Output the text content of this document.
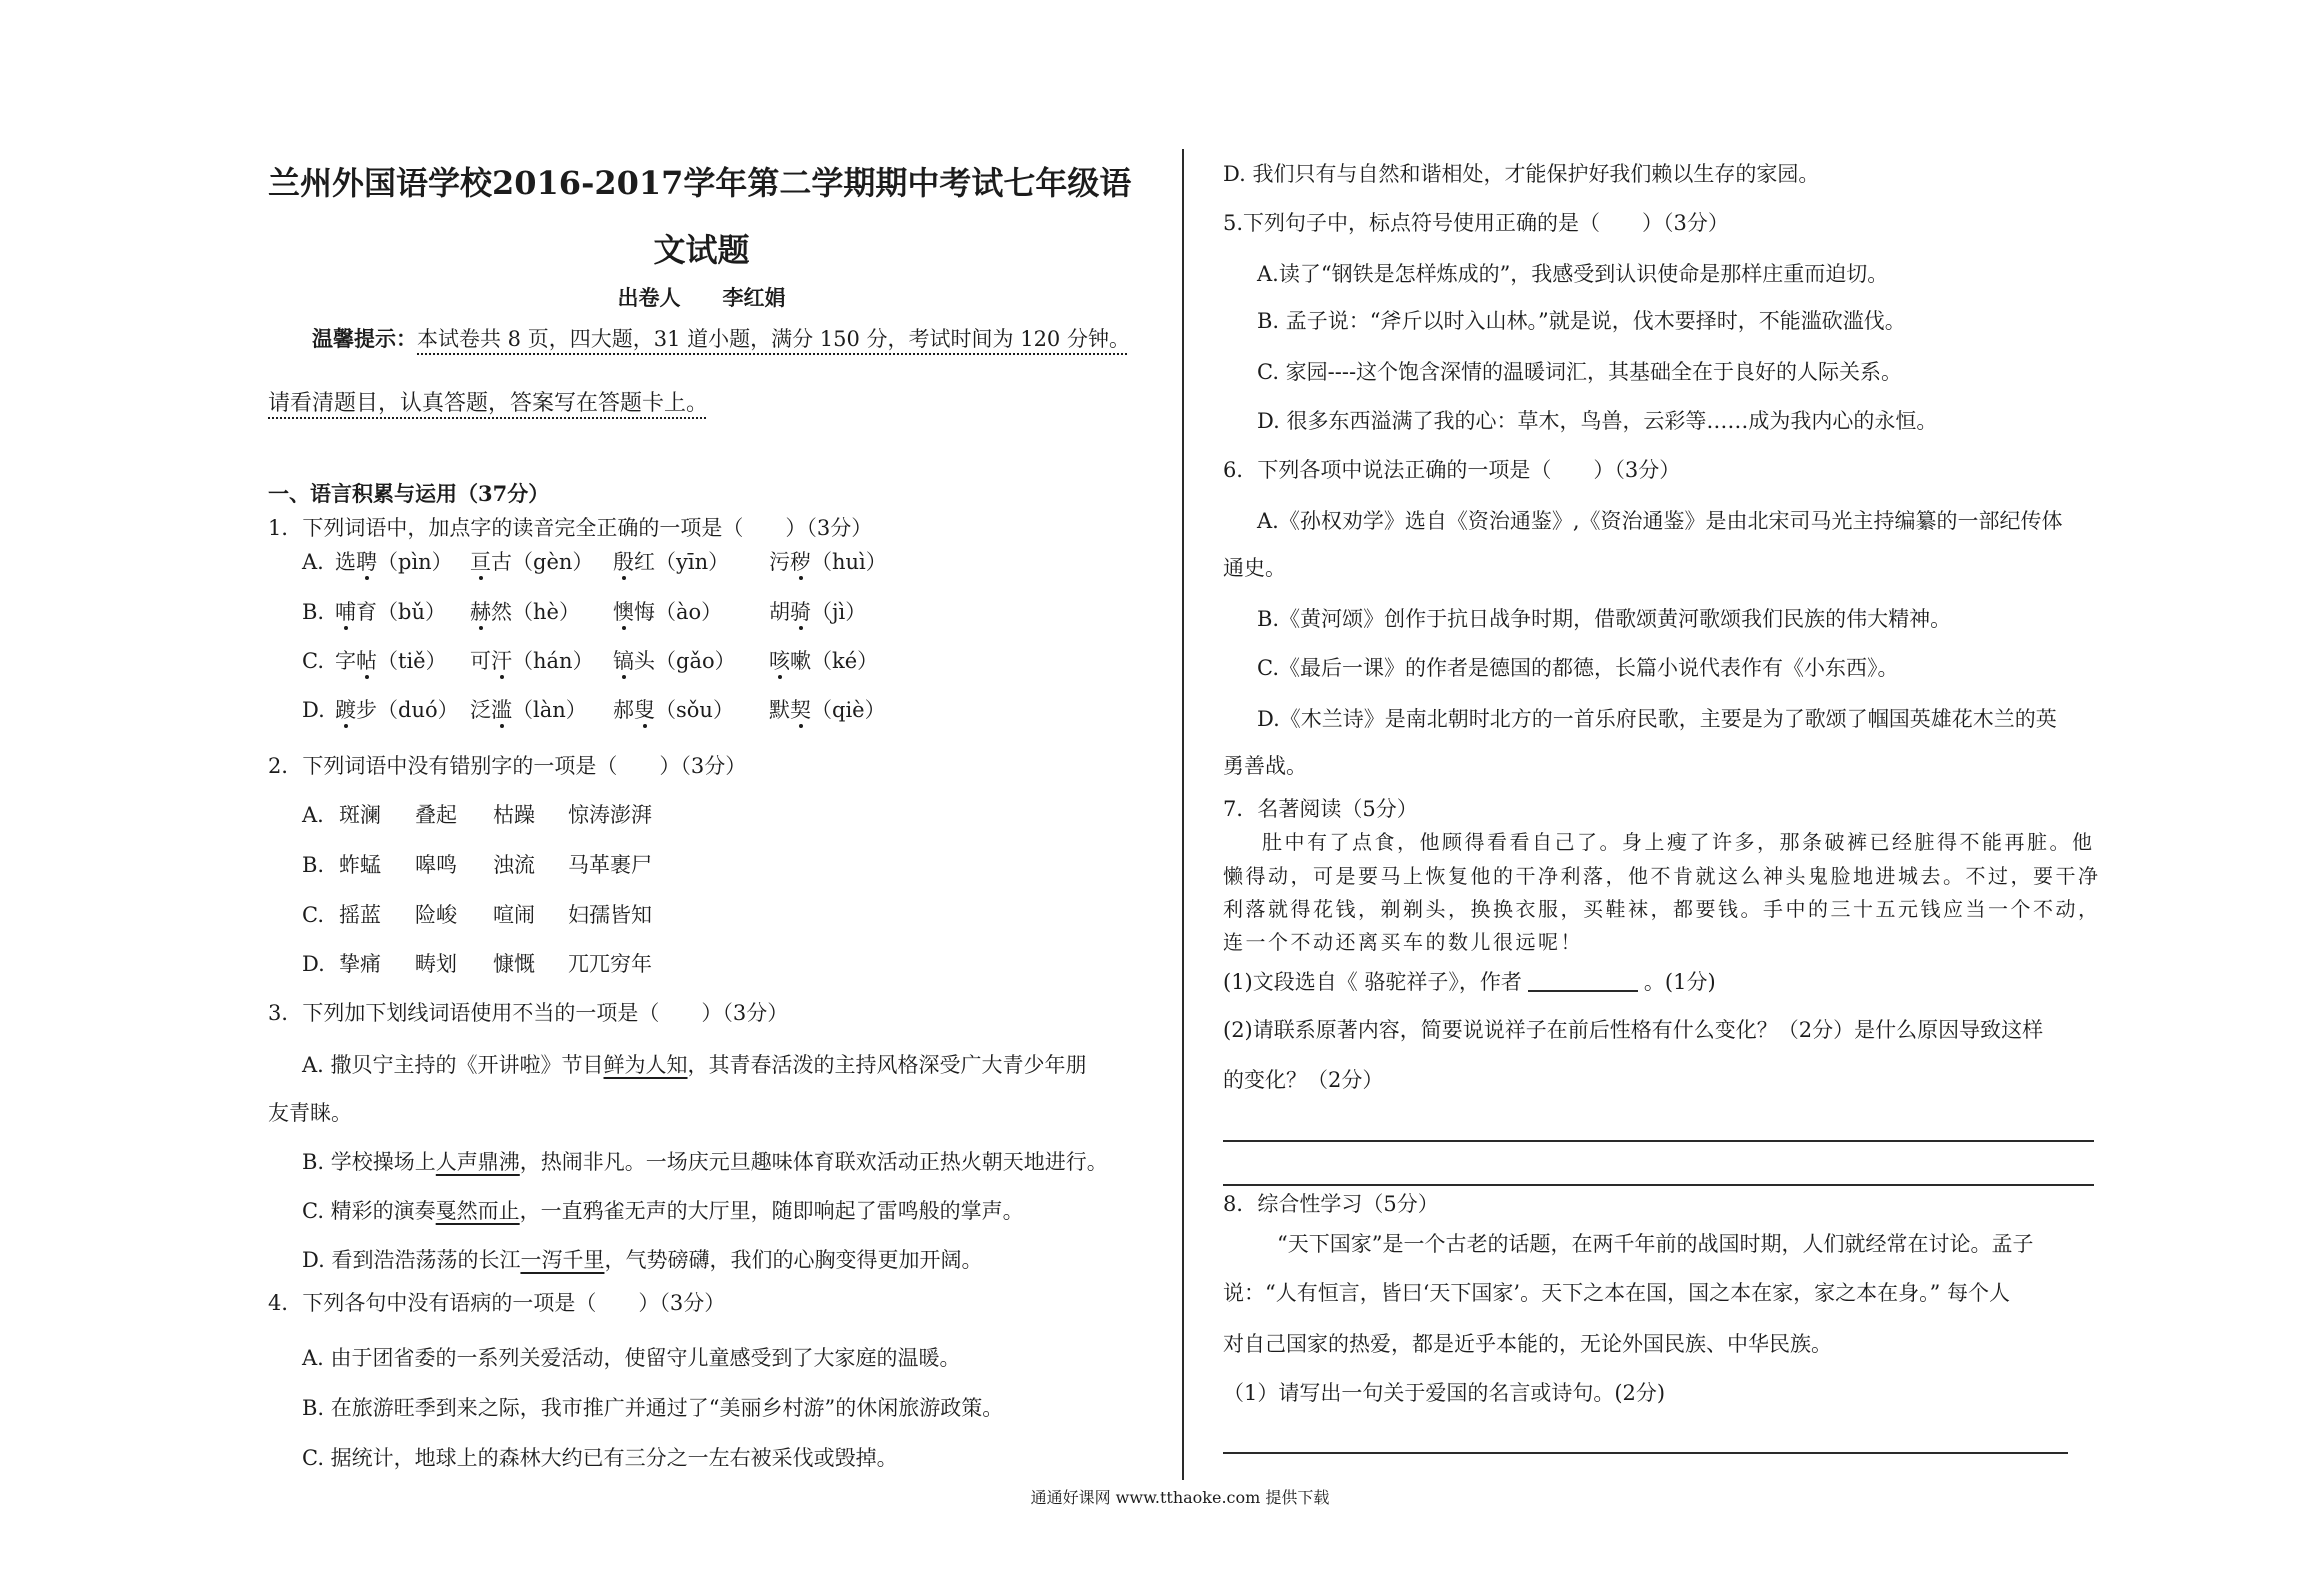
兰州外国语学校2016-2017学年第二学期期中考试七年级语
文试题
出卷人　　李红娟
温馨提示：本试卷共 8 页，四大题，31 道小题，满分 150 分，考试时间为 120 分钟。
请看清题目，认真答题，答案写在答题卡上。
一、语言积累与运用（37分）
1．下列词语中，加点字的读音完全正确的一项是（　　）（3分）
A. 选聘（pìn） 亘古（gèn） 殷红（yīn） 污秽（huì）
B. 哺育（bǔ） 赫然（hè） 懊悔（ào） 胡骑（jì）
C. 字帖（tiě） 可汗（hán） 镐头（gǎo） 咳嗽（ké）
D. 踱步（duó） 泛滥（làn） 郝叟（sǒu） 默契（qiè）
2．下列词语中没有错别字的一项是（　　）（3分）
A. 斑澜 叠起 枯躁 惊涛澎湃
B. 蚱蜢 嗥鸣 浊流 马革裹尸
C. 摇蓝 险峻 喧闹 妇孺皆知
D. 挚痛 畴划 慷慨 兀兀穷年
3．下列加下划线词语使用不当的一项是（　　）（3分）
A. 撒贝宁主持的《开讲啦》节目鲜为人知，其青春活泼的主持风格深受广大青少年朋
友青睐。
B. 学校操场上人声鼎沸，热闹非凡。一场庆元旦趣味体育联欢活动正热火朝天地进行。
C. 精彩的演奏戛然而止，一直鸦雀无声的大厅里，随即响起了雷鸣般的掌声。
D. 看到浩浩荡荡的长江一泻千里，气势磅礴，我们的心胸变得更加开阔。
4．下列各句中没有语病的一项是（　　）（3分）
A. 由于团省委的一系列关爱活动，使留守儿童感受到了大家庭的温暖。
B. 在旅游旺季到来之际，我市推广并通过了“美丽乡村游”的休闲旅游政策。
C. 据统计，地球上的森林大约已有三分之一左右被采伐或毁掉。
D. 我们只有与自然和谐相处，才能保护好我们赖以生存的家园。
5.下列句子中，标点符号使用正确的是（　　）（3分）
A.读了“钢铁是怎样炼成的”，我感受到认识使命是那样庄重而迫切。
B. 孟子说：“斧斤以时入山林。”就是说，伐木要择时，不能滥砍滥伐。
C. 家园----这个饱含深情的温暖词汇，其基础全在于良好的人际关系。
D. 很多东西溢满了我的心：草木，鸟兽，云彩等……成为我内心的永恒。
6．下列各项中说法正确的一项是（　　）（3分）
A.《孙权劝学》选自《资治通鉴》,《资治通鉴》是由北宋司马光主持编纂的一部纪传体
通史。
B.《黄河颂》创作于抗日战争时期，借歌颂黄河歌颂我们民族的伟大精神。
C.《最后一课》的作者是德国的都德，长篇小说代表作有《小东西》。
D.《木兰诗》是南北朝时北方的一首乐府民歌，主要是为了歌颂了帼国英雄花木兰的英
勇善战。
7．名著阅读（5分）
肚中有了点食，他顾得看看自己了。身上瘦了许多，那条破裤已经脏得不能再脏。他
懒得动，可是要马上恢复他的干净利落，他不肯就这么神头鬼脸地进城去。不过，要干净
利落就得花钱，剃剃头，换换衣服，买鞋袜，都要钱。手中的三十五元钱应当一个不动，
连一个不动还离买车的数儿很远呢！
(1)文段选自《 骆驼祥子》，作者	。(1分)
(2)请联系原著内容，简要说说祥子在前后性格有什么变化？（2分）是什么原因导致这样
的变化？（2分）
8．综合性学习（5分）
“天下国家”是一个古老的话题，在两千年前的战国时期，人们就经常在讨论。孟子
说：“人有恒言，皆曰‘天下国家’。天下之本在国，国之本在家，家之本在身。” 每个人
对自己国家的热爱，都是近乎本能的，无论外国民族、中华民族。
（1）请写出一句关于爱国的名言或诗句。(2分)
通通好课网 www.tthaoke.com 提供下载
